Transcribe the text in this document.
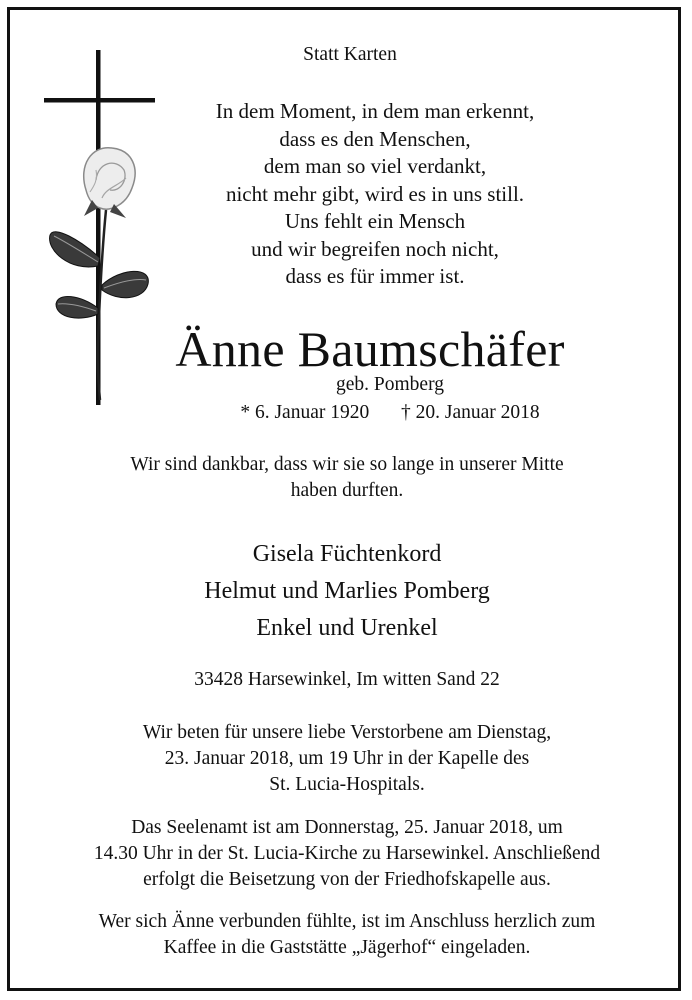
Statt Karten
In dem Moment, in dem man erkennt,
dass es den Menschen,
dem man so viel verdankt,
nicht mehr gibt, wird es in uns still.
Uns fehlt ein Mensch
und wir begreifen noch nicht,
dass es für immer ist.
Änne Baumschäfer
geb. Pomberg
* 6. Januar 1920 † 20. Januar 2018
Wir sind dankbar, dass wir sie so lange in unserer Mitte
haben durften.
Gisela Füchtenkord
Helmut und Marlies Pomberg
Enkel und Urenkel
33428 Harsewinkel, Im witten Sand 22
Wir beten für unsere liebe Verstorbene am Dienstag,
23. Januar 2018, um 19 Uhr in der Kapelle des
St. Lucia-Hospitals.
Das Seelenamt ist am Donnerstag, 25. Januar 2018, um
14.30 Uhr in der St. Lucia-Kirche zu Harsewinkel. Anschließend
erfolgt die Beisetzung von der Friedhofskapelle aus.
Wer sich Änne verbunden fühlte, ist im Anschluss herzlich zum
Kaffee in die Gaststätte „Jägerhof“ eingeladen.
